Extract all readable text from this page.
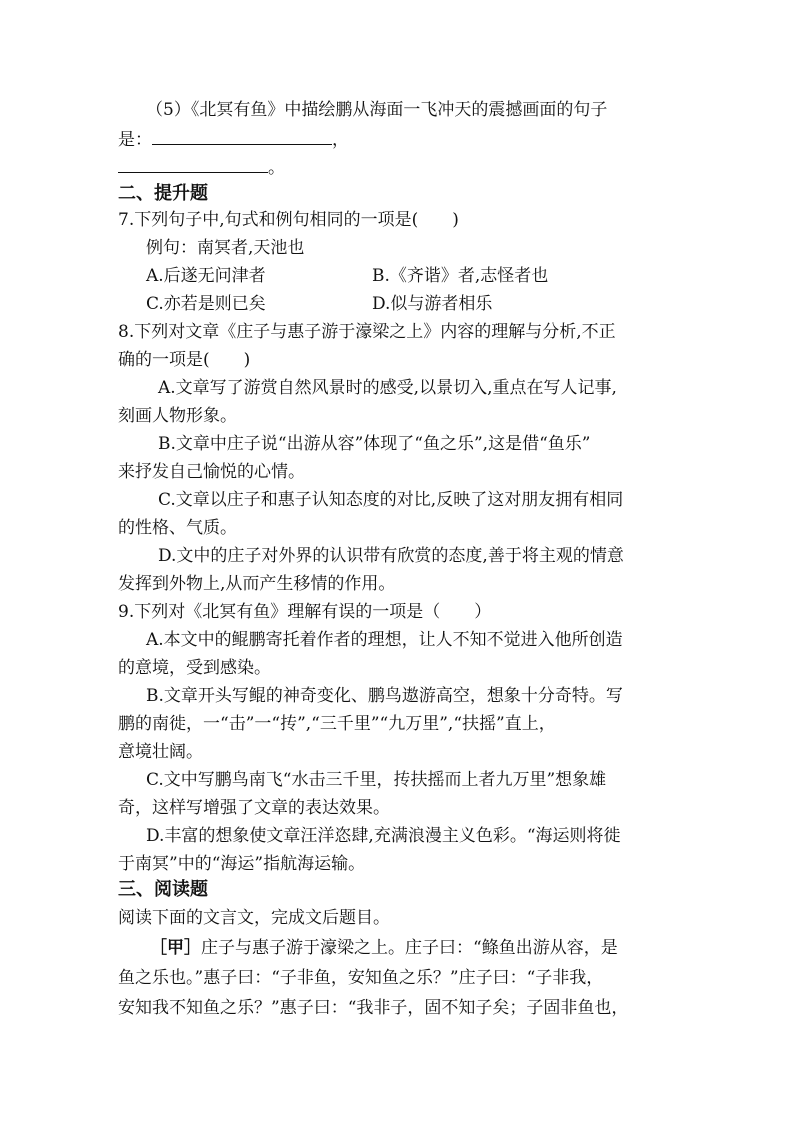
（5）《北冥有鱼》中描绘鹏从海面一飞冲天的震撼画面的句子
是：	，
。
二、提升题
7.下列句子中,句式和例句相同的一项是(　　)
例句：南冥者,天池也
A.后遂无问津者	B.《齐谐》者,志怪者也
C.亦若是则已矣	D.似与游者相乐
8.下列对文章《庄子与惠子游于濠梁之上》内容的理解与分析,不正
确的一项是(　　)
A.文章写了游赏自然风景时的感受,以景切入,重点在写人记事,
刻画人物形象。
B.文章中庄子说“出游从容”体现了“鱼之乐”,这是借“鱼乐”
来抒发自己愉悦的心情。
C.文章以庄子和惠子认知态度的对比,反映了这对朋友拥有相同
的性格、气质。
D.文中的庄子对外界的认识带有欣赏的态度,善于将主观的情意
发挥到外物上,从而产生移情的作用。
9.下列对《北冥有鱼》理解有误的一项是（　　）
A.本文中的鲲鹏寄托着作者的理想，让人不知不觉进入他所创造
的意境，受到感染。
B.文章开头写鲲的神奇变化、鹏鸟遨游高空，想象十分奇特。写
鹏的南徙，一“击”一“抟”,“三千里”“九万里”,“扶摇”直上，
意境壮阔。
C.文中写鹏鸟南飞“水击三千里，抟扶摇而上者九万里”想象雄
奇，这样写增强了文章的表达效果。
D.丰富的想象使文章汪洋恣肆,充满浪漫主义色彩。“海运则将徙
于南冥”中的“海运”指航海运输。
三、阅读题
阅读下面的文言文，完成文后题目。
［甲］庄子与惠子游于濠梁之上。庄子曰：“鲦鱼出游从容，是
鱼之乐也。”惠子曰：“子非鱼，安知鱼之乐？”庄子曰：“子非我，
安知我不知鱼之乐？”惠子曰：“我非子，固不知子矣；子固非鱼也，
